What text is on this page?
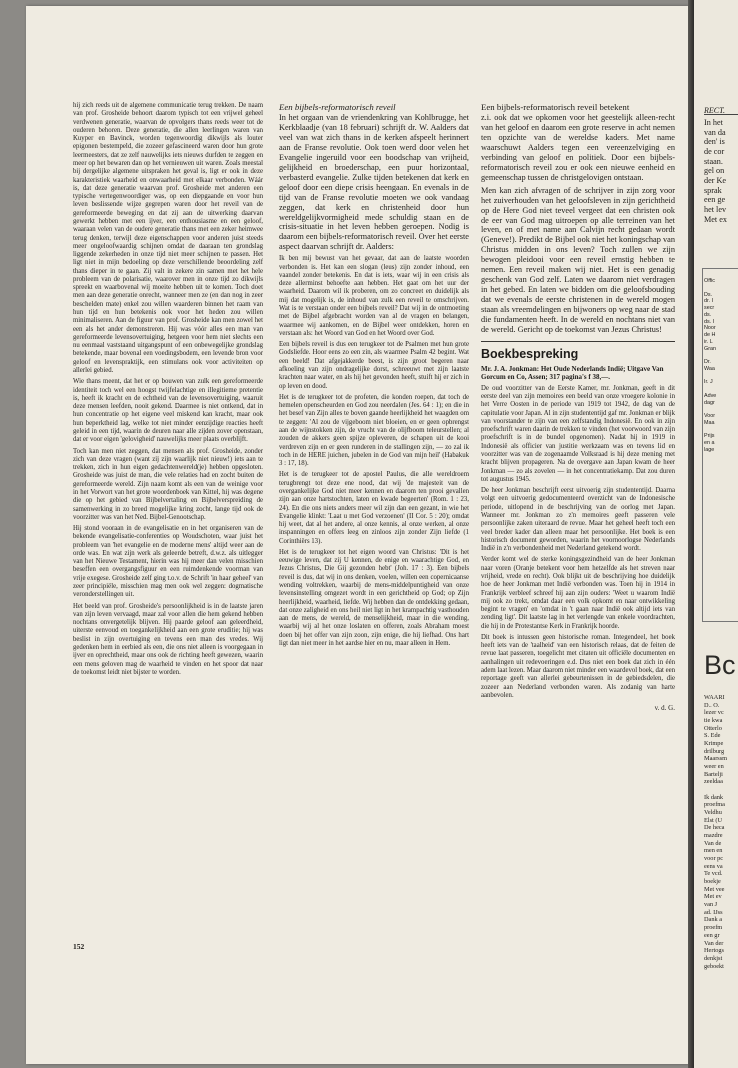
hij zich reeds uit de algemene communicatie terug trekken. De naam van prof. Grosheide behoort daarom typisch tot een vrijwel geheel verdwenen generatie, waarvan de opvolgers thans reeds weer tot de ouderen behoren. Deze generatie, die allen leerlingen waren van Kuyper en Bavinck, worden tegenwoordig dikwijls als louter epigonen bestempeld, die zozeer gefascineerd waren door hun grote leermeesters, dat ze zelf nauwelijks iets nieuws durfden te zeggen en meer op het bewaren dan op het vernieuwen uit waren. Zoals meestal bij dergelijke algemene uitspraken het geval is, ligt er ook in deze karakteristiek waarheid en onwaarheid met elkaar verbonden. Wáár is, dat deze generatie waarvan prof. Grosheide met anderen een typische vertegenwoordiger was, op een diepgaande en voor hun leven beslissende wijze gegrepen waren door het reveil van de gereformeerde beweging en dat zij aan de uitwerking daarvan gewerkt hebben met een ijver, een enthousiasme en een geloof, waaraan velen van de oudere generatie thans met een zeker heimwee terug denken, terwijl deze eigenschappen voor anderen juist steeds meer ongeloofwaardig schijnen omdat de daaraan ten grondslag liggende zekerheden in onze tijd niet meer schijnen te passen. Het ligt niet in mijn bedoeling op deze verschillende beoordeling zelf thans dieper in te gaan. Zij valt in zekere zin samen met het hele probleem van de polarisatie, waarover men in onze tijd zo dikwijls spreekt en waarbovenal wij moeite hebben uit te komen. Toch doet men aan deze generatie onrecht, wanneer men ze (en dan nog in zeer beschelden mate) enkel zou willen waarderen binnen het raam van hun tijd en hun betekenis ook voor het heden zou willen minimaliseren. Aan de figuur van prof. Grosheide kan men zowel het een als het ander demonstreren. Hij was vóór alles een man van gereformeerde levensovertuiging, hetgeen voor hem niet slechts een nu eenmaal vaststaand uitgangspunt of een onbewegelijke grondslag betekende, maar bovenal een voedingsbodem, een levende bron voor geloof en levenspraktijk, een stimulans ook voor activiteiten op allerlei gebied.

Wie thans meent, dat het er op bouwen van zulk een gereformeerde identiteit toch wel een hoogst twijfelachtige en illegitieme pretentie is, heeft ik kracht en de echtheid van de levensovertuiging, waaruit deze mensen leefden, nooit gekend. Daarmee is niet ontkend, dat in hun concentratie op het eigene veel miskend kan kracht, maar ook hun beperktheid lag, welke tot niet minder eenzijdige reacties heeft geleid in een tijd, waarin de deuren naar alle zijden zover openstaan, dat er voor eigen 'gelovigheid' nauwelijks meer plaats overblijft.

Toch kan men niet zeggen, dat mensen als prof. Grosheide, zonder zich van deze vragen (want zij zijn waarlijk niet nieuw!) iets aan te trekken, zich in hun eigen gedachtenwereld(je) hebben opgesloten. Grosheide was juist de man, die vele relaties had en zocht buiten de gereformeerde wereld. Zijn naam komt als een van de weinige voor in het Vorwort van het grote woordenboek van Kittel, hij was degene die op het gebied van Bijbelvertaling en Bijbelverspreiding de samenwerking in zo breed mogelijke kring zocht, lange tijd ook de voorzitter was van het Ned. Bijbel-Genootschap.

Hij stond vooraan in de evangelisatie en in het organiseren van de bekende evangelisatie-conferenties op Woudschoten, waar juist het probleem van 'het evangelie en de moderne mens' altijd weer aan de orde was. En wat zijn werk als geleerde betreft, d.w.z. als uitlegger van het Nieuwe Testament, hierin was hij meer dan velen misschien beseffen een overgangsfiguur en een ruimdenkende voorman van vrije exegese. Grosheide zelf ging t.o.v. de Schrift 'in haar geheel' van zeer principiële, misschien mag men ook wel zeggen: dogmatische veronderstellingen uit.

Het beeld van prof. Grosheide's persoonlijkheid is in de laatste jaren van zijn leven vervaagd, maar zal voor allen die hem gekend hebben nochtans onvergetelijk blijven. Hij paarde geloof aan geleerdheid, uiterste eenvoud en toegankelijkheid aan een grote eruditie; hij was beslist in zijn overtuiging en tevens een man des vredes. Wij gedenken hem in eerbied als een, die ons niet alleen is voorgegaan in ijver en oprechtheid, maar ons ook de richting heeft gewezen, waarin een mens geloven mag de waarheid te vinden en het spoor dat naar de toekomst leidt niet bijster te worden.

Een bijbels-reformatorisch reveil

In het orgaan van de vriendenkring van Kohlbrugge, het Kerkblaadje (van 18 februari) schrijft dr. W. Aalders dat veel van wat zich thans in de kerken afspeelt herinnert aan de Franse revolutie. Ook toen werd door velen het Evangelie ingeruild voor een boodschap van vrijheid, gelijkheid en broederschap, een puur horizontaal, verbasterd evangelie. Zulke tijden betekenen dat kerk en geloof door een diepe crisis heengaan. En evenals in de tijd van de Franse revolutie moeten we ook vandaag zeggen, dat kerk en christenheid door hun wereldgelijkvormigheid mede schuldig staan en de crisis-situatie in het leven hebben geroepen. Nodig is daarom een bijbels-reformatorisch reveil. Over het eerste aspect daarvan schrijft dr. Aalders:

Ik ben mij bewust van het gevaar, dat aan de laatste woorden verbonden is. Het kan een slogan (leus) zijn zonder inhoud, een vaandel zonder betekenis. En dat is iets, waar wij in een crisis als deze allerminst behoefte aan hebben. Het gaat om het uur der waarheid. Daarom wil ik proberen, om zo concreet en duidelijk als mij dat mogelijk is, de inhoud van zulk een reveil te omschrijven. Wat is te verstaan onder een bijbels reveil? Dat wij in de ontmoeting met de Bijbel afgebracht worden van al de vragen en belangen, waarmee wij aankomen, en de Bijbel weer ontdekken, horen en verstaan als: het Woord van God en het Woord over God.

Een bijbels reveil is dus een terugkeer tot de Psalmen met hun grote Godsliefde. Hoor eens zo een zin, als waarmee Psalm 42 begint. Wat een beeld! Dat afgejakkerde beest, is zijn groot begeren naar afkoeling van zijn ondragelijke dorst, schreeuwt met zijn laatste krachten naar water, en als hij het gevonden heeft, stuift hij er zich in op leven en dood.

Het is de terugkeer tot de profeten, die konden roepen, dat toch de hemelen openscheurden en God zou neerdalen (Jes. 64 : 1); en die in het besef van Zijn alles te boven gaande heerlijkheid het waagden om te zeggen: 'Al zou de vijgeboom niet bloeien, en er geen opbrengst aan de wijnstokken zijn, de vrucht van de olijfboom teleurstellen; al zouden de akkers geen spijze opleveren, de schapen uit de kooi verdreven zijn en er geen runderen in de stallingen zijn, — zo zal ik toch in de HERE juichen, jubelen in de God van mijn heil' (Habakuk 3 : 17, 18).

Het is de terugkeer tot de apostel Paulus, die alle wereldroem terugbrengt tot deze ene nood, dat wij 'de majesteit van de overgankelijke God niet meer kennen en daarom ten prooi gevallen zijn aan onze hartstochten, laten en kwade begeerten' (Rom. 1 : 23, 24). En die ons niets anders meer wil zijn dan een gezant, in wie het Evangelie klinkt: 'Laat u met God verzoenen' (II Cor. 5 : 20); omdat hij weet, dat al het andere, al onze kennis, al onze werken, al onze inspanningen en offers leeg en zinloos zijn zonder Zijn liefde (1 Corinthiërs 13).

Het is de terugkeer tot het eigen woord van Christus: 'Dit is het eeuwige leven, dat zij U kennen, de enige en waarachtige God, en Jezus Christus, Die Gij gezonden hebt' (Joh. 17 : 3). Een bijbels reveil is dus, dat wij in ons denken, voelen, willen een copernicaanse wending voltrekken, waarbij de mens-middelpuntigheid van onze levensinstelling omgezet wordt in een gerichtheid op God; op Zijn heerlijkheid, waarheid, liefde. Wij hebben dan de ontdekking gedaan, dat onze zaligheid en ons heil niet ligt in het krampachtig vasthouden aan de mens, de wereld, de menselijkheid, maar in die wending, waarbij wij al het onze loslaten en offeren, zoals Abraham moest doen bij het offer van zijn zoon, zijn enige, die hij liefhad. Ons hart ligt dan niet meer in het aardse hier en nu, maar alleen in Hem.

Een bijbels-reformatorisch reveil betekent

z.i. ook dat we opkomen voor het geestelijk alleen-recht van het geloof en daarom een grote reserve in acht nemen ten opzichte van de wereldse kaders. Met name waarschuwt Aalders tegen een vereenzelviging en verbinding van geloof en politiek. Door een bijbels-reformatorisch reveil zou er ook een nieuwe eenheid en gemeenschap tussen de christgelovigen ontstaan.

Men kan zich afvragen of de schrijver in zijn zorg voor het zuiverhouden van het geloofsleven in zijn gerichtheid op de Here God niet teveel vergeet dat een christen ook de eer van God mag uitroepen op alle terreinen van het leven, en of met name aan Calvijn recht gedaan wordt (Geneve!). Predikt de Bijbel ook niet het koningschap van Christus midden in ons leven? Toch zullen we zijn bewogen pleidooi voor een reveil ernstig hebben te nemen. Een reveil maken wij niet. Het is een genadig geschenk van God zelf. Laten we daarom niet verdragen in het gebed. En laten we bidden om die geloofsbouding dat we evenals de eerste christenen in de wereld mogen staan als vreemdelingen en bijwoners op weg naar de stad die fundamenten heeft. In de wereld en nochtans niet van de wereld. Gericht op de toekomst van Jezus Christus!

Boekbespreking

Mr. J. A. Jonkman: Het Oude Nederlands Indië; Uitgave Van Gorcum en Co, Assen; 317 pagina's f 38,—.

De oud voorzitter van de Eerste Kamer, mr. Jonkman, geeft in dit eerste deel van zijn memoires een beeld van onze vroegere kolonie in het Verre Oosten in de periode van 1919 tot 1942, de dag van de capitulatie voor Japan. Al in zijn studententijd gaf mr. Jonkman er blijk van voorstander te zijn van een zelfstandig Indonesië. En ook in zijn proefschrift waren daarin de trekken te vinden (het voorwoord van zijn proefschrift is in de bundel opgenomen). Nadat hij in 1919 in Indonesië als officier van justitie werkzaam was en tevens lid en voorzitter was van de zogenaamde Volksraad is hij deze mening met kracht blijven propageren. Na de overgave aan Japan kwam de heer Jonkman — zo als zovelen — in het concentratiekamp. Dat zou duren tot augustus 1945.

De heer Jonkman beschrijft eerst uitvoerig zijn studententijd. Daarna volgt een uitvoerig gedocumenteerd overzicht van de Indonesische periode, uitlopend in de beschrijving van de oorlog met Japan. Wanneer mr. Jonkman zo z'n memoires geeft passeren vele persoonlijke zaken uiteraard de revue. Maar het geheel heeft toch een veel breder kader dan alleen maar het persoonlijke. Het boek is een historisch document geworden, waarin het voornoorlogse Nederlands Indië in z'n verbondenheid met Nederland getekend wordt.

Verder komt wel de sterke koningsgezindheid van de heer Jonkman naar voren (Oranje betekent voor hem hetzelfde als het streven naar vrijheid, vrede en recht). Ook blijkt uit de beschrijving hoe duidelijk hoe de heer Jonkman met Indië verbonden was. Toen hij in 1914 in Frankrijk verbleef schreef hij aan zijn ouders: 'Weet u waarom Indië mij ook zo trekt, omdat daar een volk opkomt en naar ontwikkeling begint te vragen' en 'omdat in 't gaan naar Indië ook altijd iets van zending ligt'. Dit laatste lag in het verlengde van enkele voordrachten, die hij in de Protestantse Kerk in Frankrijk hoorde.

Dit boek is intussen geen historische roman. Integendeel, het boek heeft iets van de 'taalheid' van een historisch relaas, dat de feiten de revue laat passeren, toegelicht met citaten uit officiële documenten en aanhalingen uit redevoeringen e.d. Dus niet een boek dat zich in één adem laat lezen. Maar daarom niet minder een waardevol boek, dat een reportage geeft van allerlei gebeurtenissen in de gebiedsdelen, die zozeer aan Nederland verbonden waren. Als zodanig van harte aanbevolen.

v. d. G.

152
RECT.
In het
van da
den' is
de cor
staan.
gel on
der Ke
sprak
een ge
het lev
Met ex
Offic

Ds.
dr. I
secr
ds.
ds. I
Noor
de H
ir. L
Gran

Dr.
Waa

Ir. J

Adve
dagr

Voor
Maa

Prijs
en a
lage
Bc
WAARI
D.. O.
lezer vc
tie kwa
Otterlo
S. Ede
Krimpe
drilburg
Maarssm
weer en
Bartelji
zeeldaa

Ik dank
proefma
Veldhu
Elst (U
De heca
mazdre
Van de
men en
voor pc
eens va
Te vcd.
boekje
Met vee
Met ev
van J
ad. IJss
Dank a
proefm
een gr
Van der
Hertogs
denkjst
geboekt
